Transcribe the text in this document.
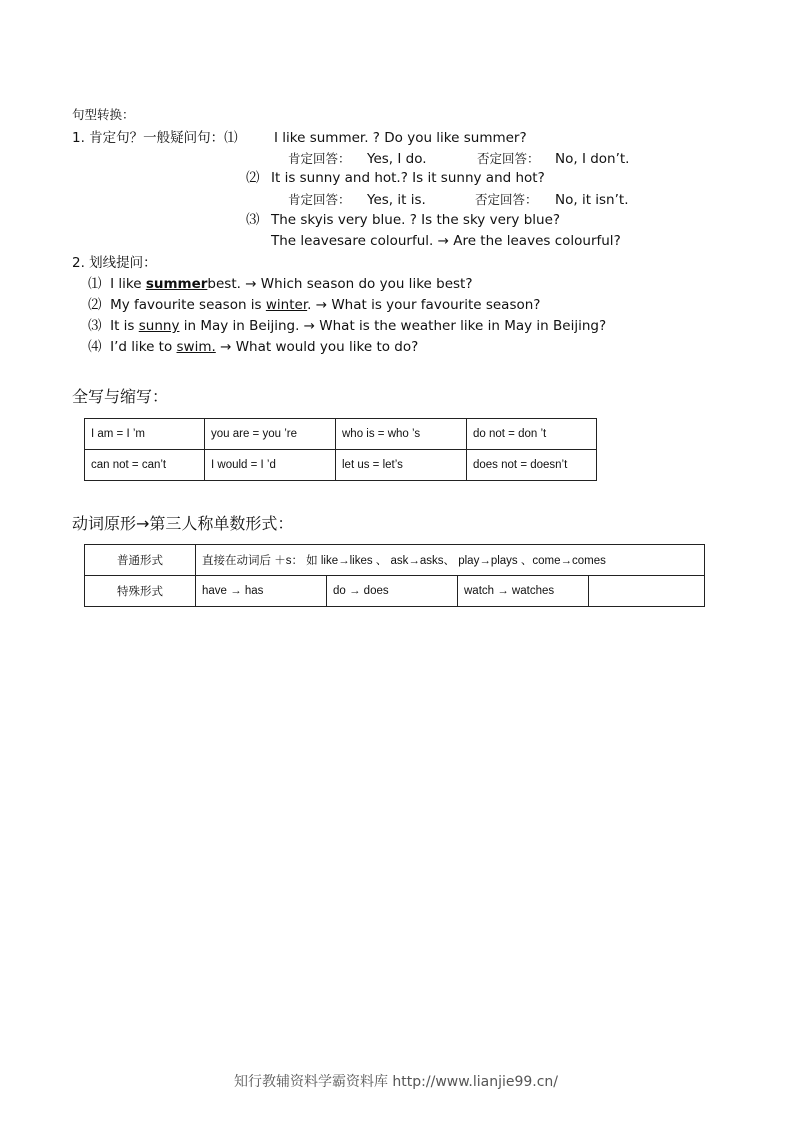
句型转换：
1. 肯定句？一般疑问句：⑴	I like summer. ? Do you like summer?
肯定回答： Yes, I do.	否定回答： No, I don’t.
⑵ It is sunny and hot.? Is it sunny and hot?
肯定回答： Yes, it is.	否定回答： No, it isn’t.
⑶ The skyis very blue. ? Is the sky very blue?
The leavesare colourful. → Are the leaves colourful?
2. 划线提问：
⑴ I like summerbest. → Which season do you like best?
⑵ My favourite season is winter. → What is your favourite season?
⑶ It is sunny in May in Beijing. → What is the weather like in May in Beijing?
⑷ I’d like to swim. → What would you like to do?
全写与缩写：
I am = I ’m	you are = you ’re	who is = who ’s	do not = don ’t
can not = can’t	I would = I ’d	let us = let’s	does not = doesn’t
动词原形→第三人称单数形式：
普通形式	直接在动词后 ＋s： 如 like→likes 、 ask→asks、 play→plays 、come→comes			
特殊形式	have → has	do → does	watch → watches	
知行教辅资料学霸资料库 http://www.lianjie99.cn/
